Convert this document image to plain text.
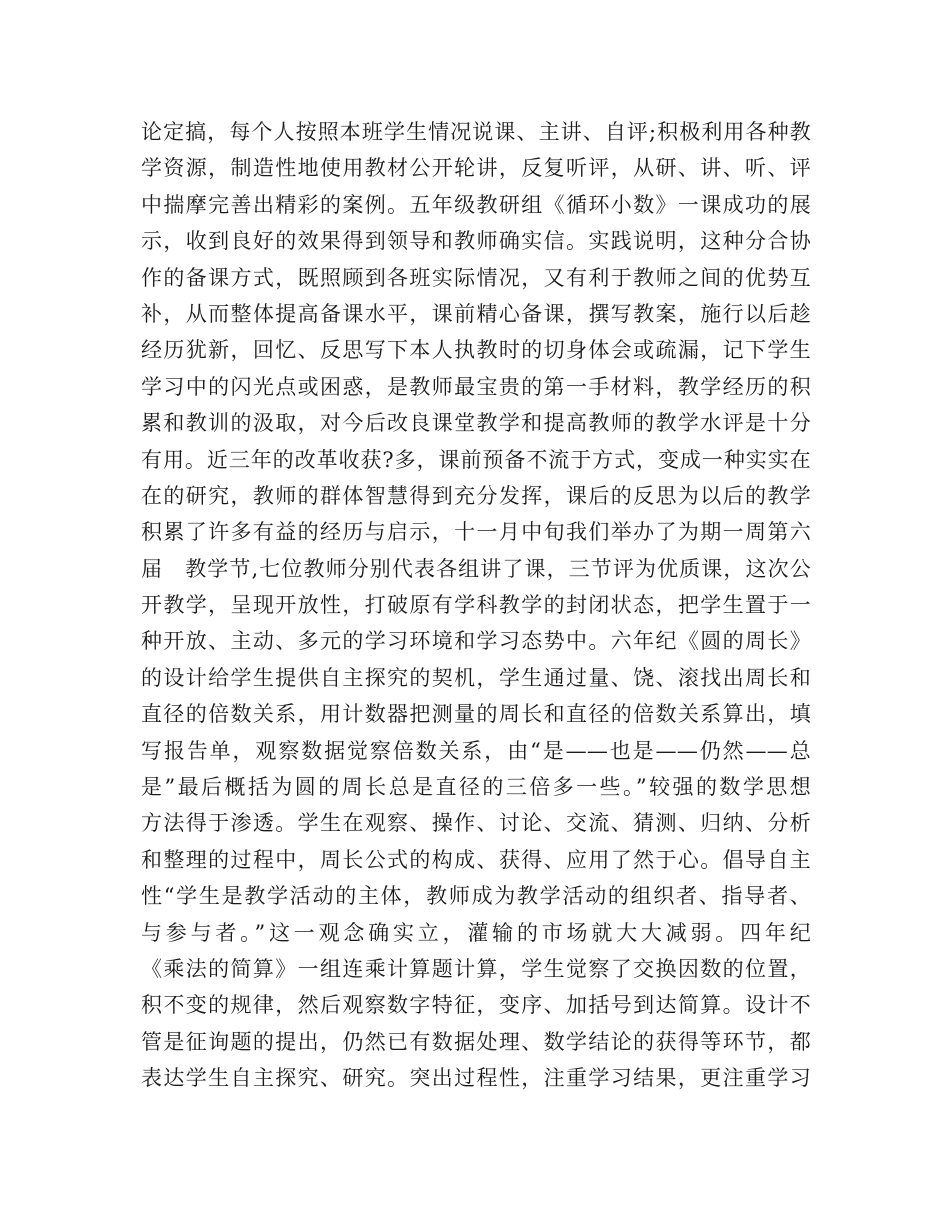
论定搞，每个人按照本班学生情况说课、主讲、自评;积极利用各种教
学资源，制造性地使用教材公开轮讲，反复听评，从研、讲、听、评
中揣摩完善出精彩的案例。五年级教研组《循环小数》一课成功的展
示，收到良好的效果得到领导和教师确实信。实践说明，这种分合协
作的备课方式，既照顾到各班实际情况，又有利于教师之间的优势互
补，从而整体提高备课水平，课前精心备课，撰写教案，施行以后趁
经历犹新，回忆、反思写下本人执教时的切身体会或疏漏，记下学生
学习中的闪光点或困惑，是教师最宝贵的第一手材料，教学经历的积
累和教训的汲取，对今后改良课堂教学和提高教师的教学水评是十分
有用。近三年的改革收获?多，课前预备不流于方式，变成一种实实在
在的研究，教师的群体智慧得到充分发挥，课后的反思为以后的教学
积累了许多有益的经历与启示，十一月中旬我们举办了为期一周第六
届　教学节,七位教师分别代表各组讲了课，三节评为优质课，这次公
开教学，呈现开放性，打破原有学科教学的封闭状态，把学生置于一
种开放、主动、多元的学习环境和学习态势中。六年纪《圆的周长》
的设计给学生提供自主探究的契机，学生通过量、饶、滚找出周长和
直径的倍数关系，用计数器把测量的周长和直径的倍数关系算出，填
写报告单，观察数据觉察倍数关系，由“是——也是——仍然——总
是”最后概括为圆的周长总是直径的三倍多一些。”较强的数学思想
方法得于渗透。学生在观察、操作、讨论、交流、猜测、归纳、分析
和整理的过程中，周长公式的构成、获得、应用了然于心。倡导自主
性“学生是教学活动的主体，教师成为教学活动的组织者、指导者、
与参与者。”这一观念确实立，灌输的市场就大大减弱。四年纪
《乘法的简算》一组连乘计算题计算，学生觉察了交换因数的位置，
积不变的规律，然后观察数字特征，变序、加括号到达简算。设计不
管是征询题的提出，仍然已有数据处理、数学结论的获得等环节，都
表达学生自主探究、研究。突出过程性，注重学习结果，更注重学习
